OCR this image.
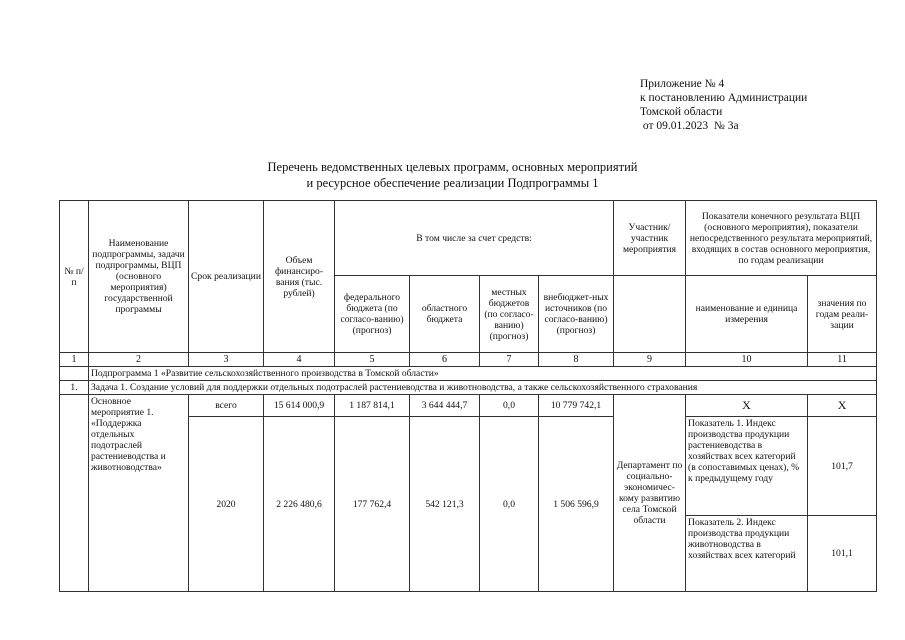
Приложение № 4
к постановлению Администрации
Томской области
от 09.01.2023  № 3а
Перечень ведомственных целевых программ, основных мероприятий
и ресурсное обеспечение реализации Подпрограммы 1
№ п/п	Наименование подпрограммы, задачи подпрограммы, ВЦП (основного мероприятия) государственной программы	Срок реализации	Объем финансиро-вания (тыс. рублей)	В том числе за счет средств:				Участник/ участник мероприятия	Показатели конечного результата ВЦП (основного мероприятия), показатели непосредственного результата мероприятий, входящих в состав основного мероприятия, по годам реализации	
				федерального бюджета (по согласо-ванию) (прогноз)	областного бюджета	местных бюджетов (по согласо-ванию) (прогноз)	внебюджет-ных источников (по согласо-ванию) (прогноз)		наименование и единица измерения	значения по годам реали-зации
1	2	3	4	5	6	7	8	9	10	11
	Подпрограмма 1 «Развитие сельскохозяйственного производства в Томской области»									
1.	Задача 1. Создание условий для поддержки отдельных подотраслей растениеводства и животноводства, а также сельскохозяйственного страхования									
	Основное мероприятие 1. «Поддержка отдельных подотраслей растениеводства и животноводства»	всего	15 614 000,9	1 187 814,1	3 644 444,7	0,0	10 779 742,1	Департамент по социально-экономичес-кому развитию села Томской области	Х	Х
		2020	2 226 480,6	177 762,4	542 121,3	0,0	1 506 596,9		Показатель 1. Индекс производства продукции растениеводства в хозяйствах всех категорий (в сопоставимых ценах), % к предыдущему году	101,7
									Показатель 2. Индекс производства продукции животноводства в хозяйствах всех категорий	101,1
